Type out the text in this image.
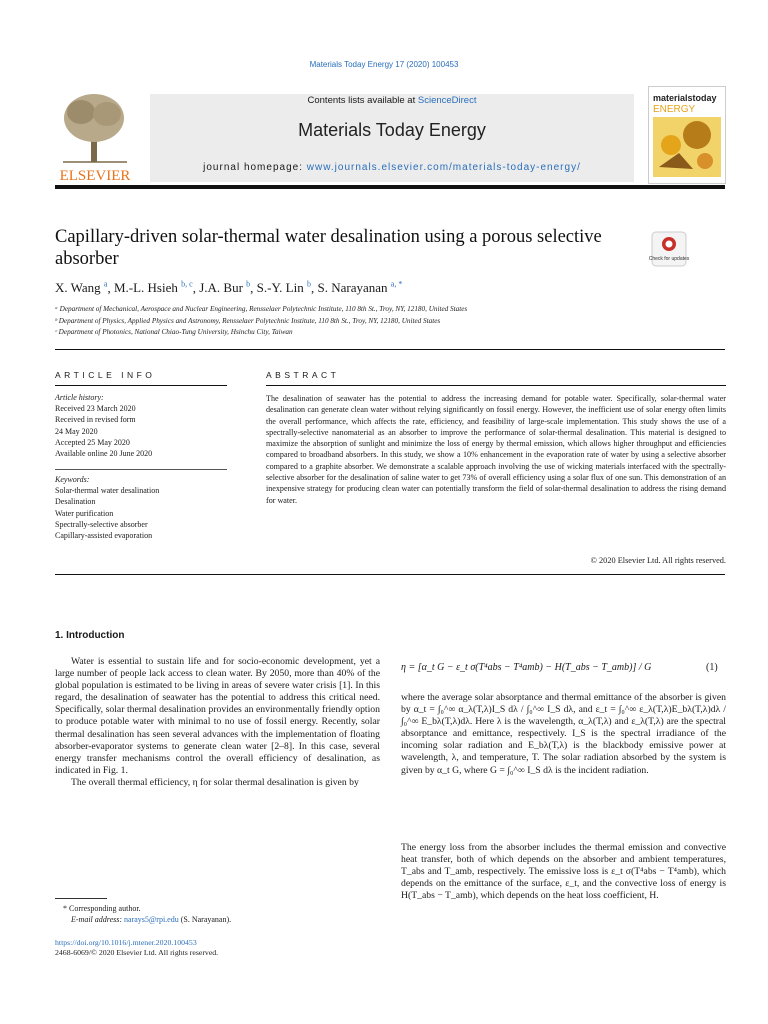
Materials Today Energy 17 (2020) 100453
ELSEVIER
Contents lists available at ScienceDirect
Materials Today Energy
journal homepage: www.journals.elsevier.com/materials-today-energy/
materialstoday
ENERGY
Capillary-driven solar-thermal water desalination using a porous selective absorber	Check for updates
X. Wang $^a$, M.-L. Hsieh $^{b, c}$, J.A. Bur $^b$, S.-Y. Lin $^b$, S. Narayanan $^{a, *}$
ᵃ Department of Mechanical, Aerospace and Nuclear Engineering, Rensselaer Polytechnic Institute, 110 8th St., Troy, NY, 12180, United States
ᵇ Department of Physics, Applied Physics and Astronomy, Rensselaer Polytechnic Institute, 110 8th St., Troy, NY, 12180, United States
ᶜ Department of Photonics, National Chiao-Tung University, Hsinchu City, Taiwan
ARTICLE INFO
Article history:
Received 23 March 2020
Received in revised form
24 May 2020
Accepted 25 May 2020
Available online 20 June 2020
Keywords:
Solar-thermal water desalination
Desalination
Water purification
Spectrally-selective absorber
Capillary-assisted evaporation
ABSTRACT
The desalination of seawater has the potential to address the increasing demand for potable water. Specifically, solar-thermal water desalination can generate clean water without relying significantly on fossil energy. However, the inefficient use of solar energy often limits the overall performance, which affects the rate, efficiency, and feasibility of large-scale implementation. This study shows the use of a spectrally-selective nanomaterial as an absorber to improve the performance of solar-thermal desalination. This material is designed to maximize the absorption of sunlight and minimize the loss of energy by thermal emission, which allows higher throughput and efficiencies compared to broadband absorbers. In this study, we show a 10% enhancement in the evaporation rate of water by using a selective absorber compared to a graphite absorber. We demonstrate a scalable approach involving the use of wicking materials interfaced with the spectrally-selective absorber for the desalination of saline water to get 73% of overall efficiency using a solar flux of one sun. This demonstration of an inexpensive strategy for producing clean water can potentially transform the field of solar-thermal desalination to address the rising demand for water.
© 2020 Elsevier Ltd. All rights reserved.
1. Introduction

Water is essential to sustain life and for socio-economic development, yet a large number of people lack access to clean water. By 2050, more than 40% of the global population is estimated to be living in areas of severe water crisis [1]. In this regard, the desalination of seawater has the potential to address this critical need. Specifically, solar thermal desalination provides an environmentally friendly option to produce potable water with minimal to no use of fossil energy. Recently, solar thermal desalination has seen several advances with the implementation of floating absorber-evaporator systems to generate clean water [2–8]. In this case, several energy transfer mechanisms control the overall efficiency of desalination, as indicated in Fig. 1.

The overall thermal efficiency, η for solar thermal desalination is given by

η = [α_t G − ε_t σ(T⁴abs − T⁴amb) − H(T_abs − T_amb)] / G	(1)
where the average solar absorptance and thermal emittance of the absorber is given by α_t = ∫₀^∞ α_λ(T,λ)I_S dλ / ∫₀^∞ I_S dλ, and ε_t = ∫₀^∞ ε_λ(T,λ)E_bλ(T,λ)dλ / ∫₀^∞ E_bλ(T,λ)dλ. Here λ is the wavelength, α_λ(T,λ) and ε_λ(T,λ) are the spectral absorptance and emittance, respectively. I_S is the spectral irradiance of the incoming solar radiation and E_bλ(T,λ) is the blackbody emissive power at wavelength, λ, and temperature, T. The solar radiation absorbed by the system is given by α_t G, where G = ∫₀^∞ I_S dλ is the incident radiation.
The energy loss from the absorber includes the thermal emission and convective heat transfer, both of which depends on the absorber and ambient temperatures, T_abs and T_amb, respectively. The emissive loss is ε_t σ(T⁴abs − T⁴amb), which depends on the emittance of the surface, ε_t, and the convective loss of energy is H(T_abs − T_amb), which depends on the heat loss coefficient, H.
* Corresponding author.
E-mail address: narays5@rpi.edu (S. Narayanan).
https://doi.org/10.1016/j.mtener.2020.100453
2468-6069/© 2020 Elsevier Ltd. All rights reserved.
